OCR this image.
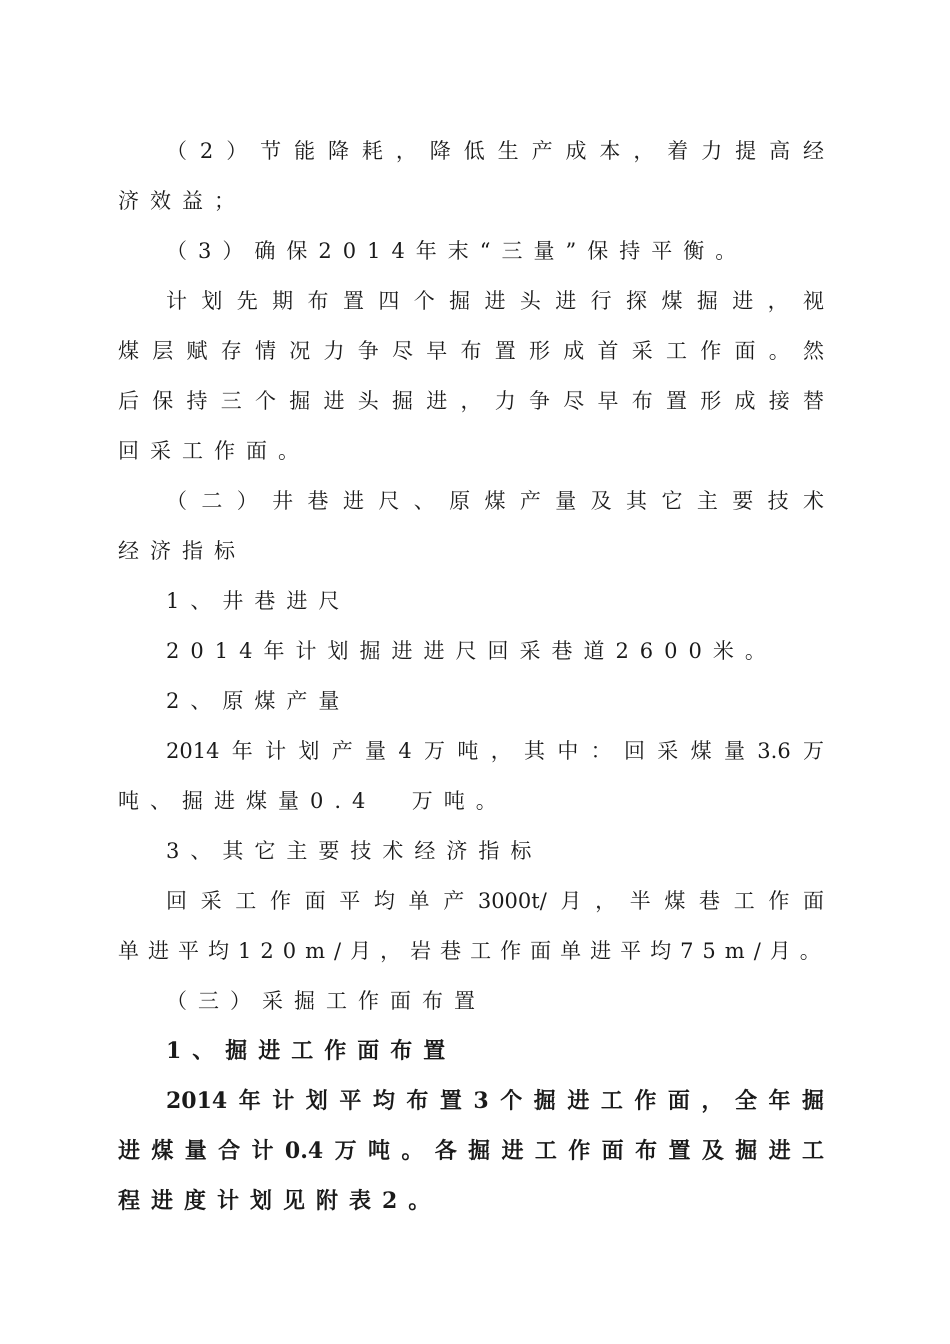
（2）节能降耗，降低生产成本，着力提高经
济效益；
（3）确保2014年末“三量”保持平衡。
计划先期布置四个掘进头进行探煤掘进，视
煤层赋存情况力争尽早布置形成首采工作面。然
后保持三个掘进头掘进，力争尽早布置形成接替
回采工作面。
（二）井巷进尺、原煤产量及其它主要技术
经济指标
1、井巷进尺
2014年计划掘进进尺回采巷道2600米。
2、原煤产量
2014年计划产量4万吨，其中：回采煤量3.6万
吨、掘进煤量0.4  万吨。
3、其它主要技术经济指标
回采工作面平均单产3000t/月，半煤巷工作面
单进平均120m/月，岩巷工作面单进平均75m/月。
（三）采掘工作面布置
1、掘进工作面布置
2014年计划平均布置3个掘进工作面，全年掘
进煤量合计0.4万吨。各掘进工作面布置及掘进工
程进度计划见附表2。
